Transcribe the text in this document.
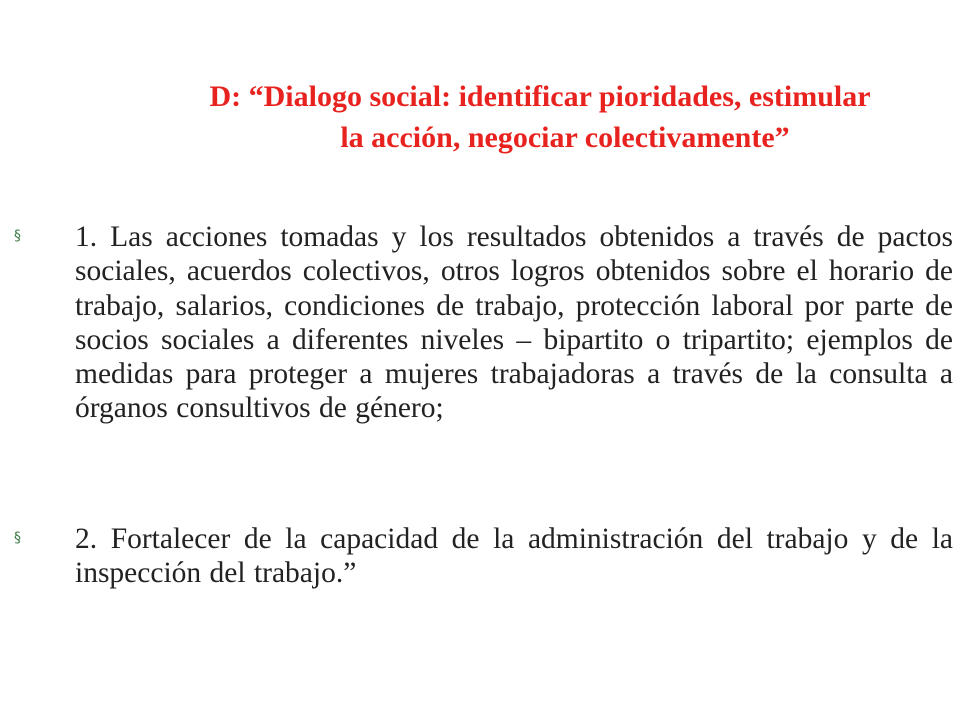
D: “Dialogo social: identificar pioridades, estimular
la acción, negociar colectivamente”
§ 1. Las acciones tomadas y los resultados obtenidos a través de pactos sociales, acuerdos colectivos, otros logros obtenidos sobre el horario de trabajo, salarios, condiciones de trabajo, protección laboral por parte de socios sociales a diferentes niveles – bipartito o tripartito; ejemplos de medidas para proteger a mujeres trabajadoras a través de la consulta a órganos consultivos de género;
§ 2. Fortalecer de la capacidad de la administración del trabajo y de la inspección del trabajo.”
